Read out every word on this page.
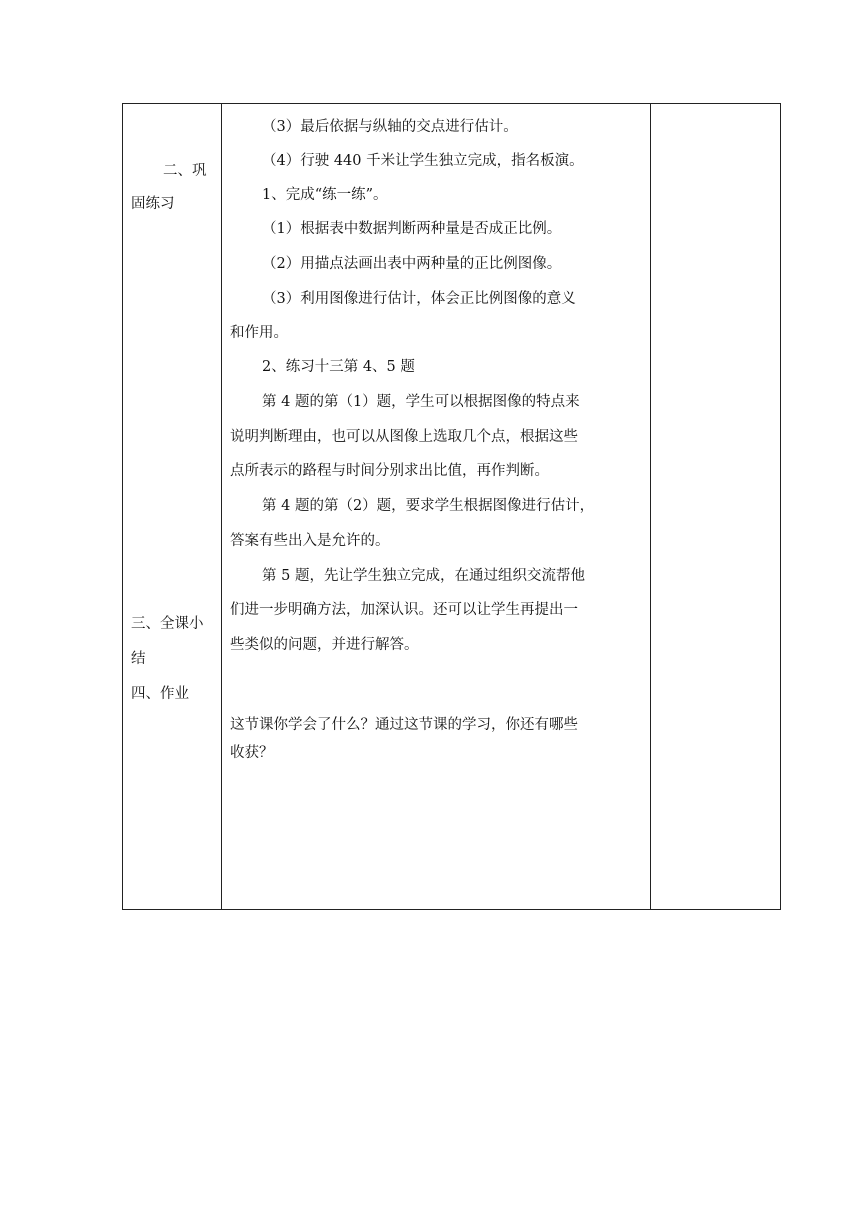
二、巩
固练习
三、全课小
结
四、作业
（3）最后依据与纵轴的交点进行估计。
（4）行驶 440 千米让学生独立完成，指名板演。
1、完成“练一练”。
（1）根据表中数据判断两种量是否成正比例。
（2）用描点法画出表中两种量的正比例图像。
（3）利用图像进行估计，体会正比例图像的意义
和作用。
2、练习十三第 4、5 题
第 4 题的第（1）题，学生可以根据图像的特点来
说明判断理由，也可以从图像上选取几个点，根据这些
点所表示的路程与时间分别求出比值，再作判断。
第 4 题的第（2）题，要求学生根据图像进行估计，
答案有些出入是允许的。
第 5 题，先让学生独立完成，在通过组织交流帮他
们进一步明确方法，加深认识。还可以让学生再提出一
些类似的问题，并进行解答。
这节课你学会了什么？通过这节课的学习，你还有哪些
收获？
